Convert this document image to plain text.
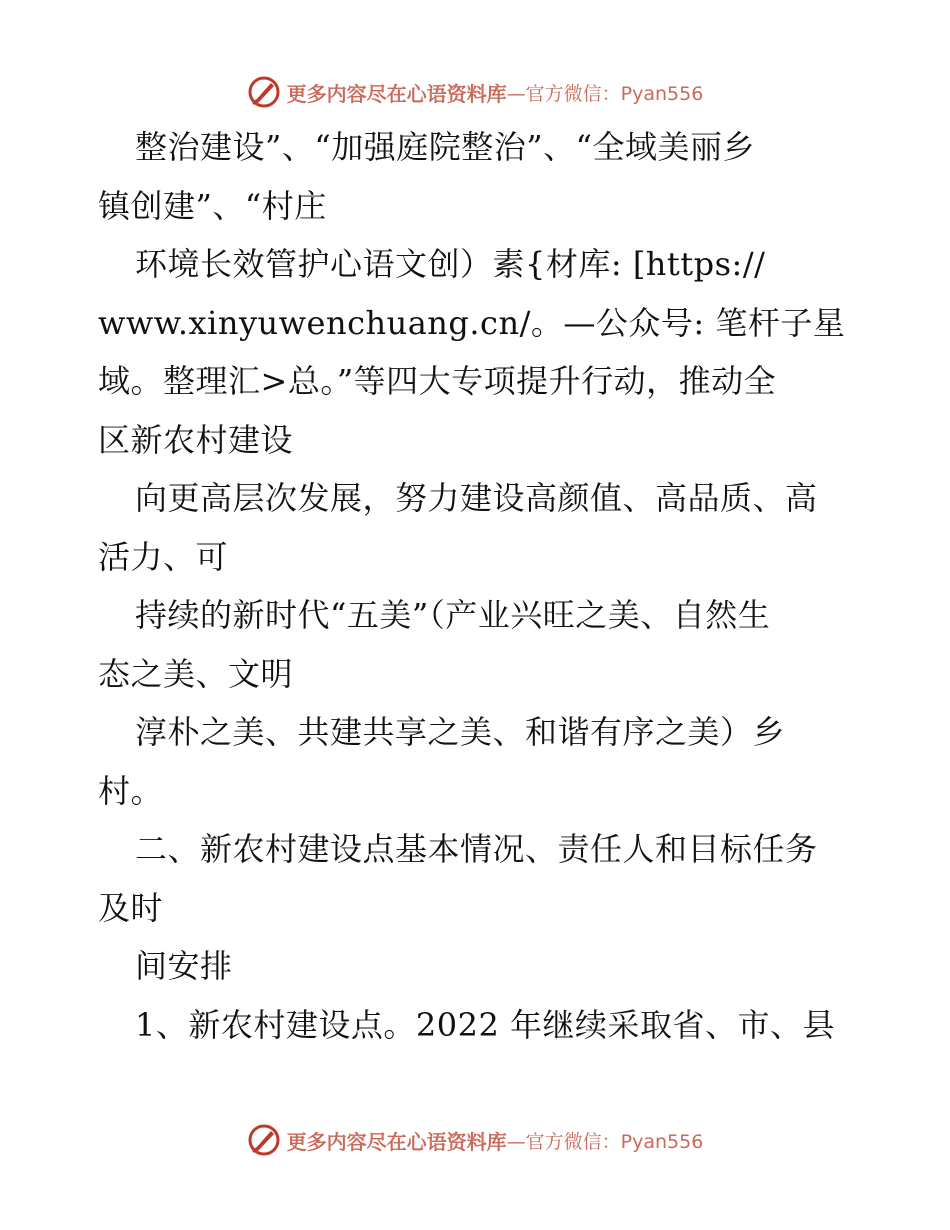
更多内容尽在心语资料库 —官方微信：Pyan556
整治建设”、“加强庭院整治”、“全域美丽乡
镇创建”、“村庄
环境长效管护心语文创）素{材库: [https://
www.xinyuwenchuang.cn/。—公众号: 笔杆子星
域。整理汇>总。”等四大专项提升行动，推动全
区新农村建设
向更高层次发展，努力建设高颜值、高品质、高
活力、可
持续的新时代“五美”（产业兴旺之美、自然生
态之美、文明
淳朴之美、共建共享之美、和谐有序之美）乡
村。
二、新农村建设点基本情况、责任人和目标任务
及时
间安排
1、新农村建设点。2022 年继续采取省、市、县
更多内容尽在心语资料库 —官方微信：Pyan556
